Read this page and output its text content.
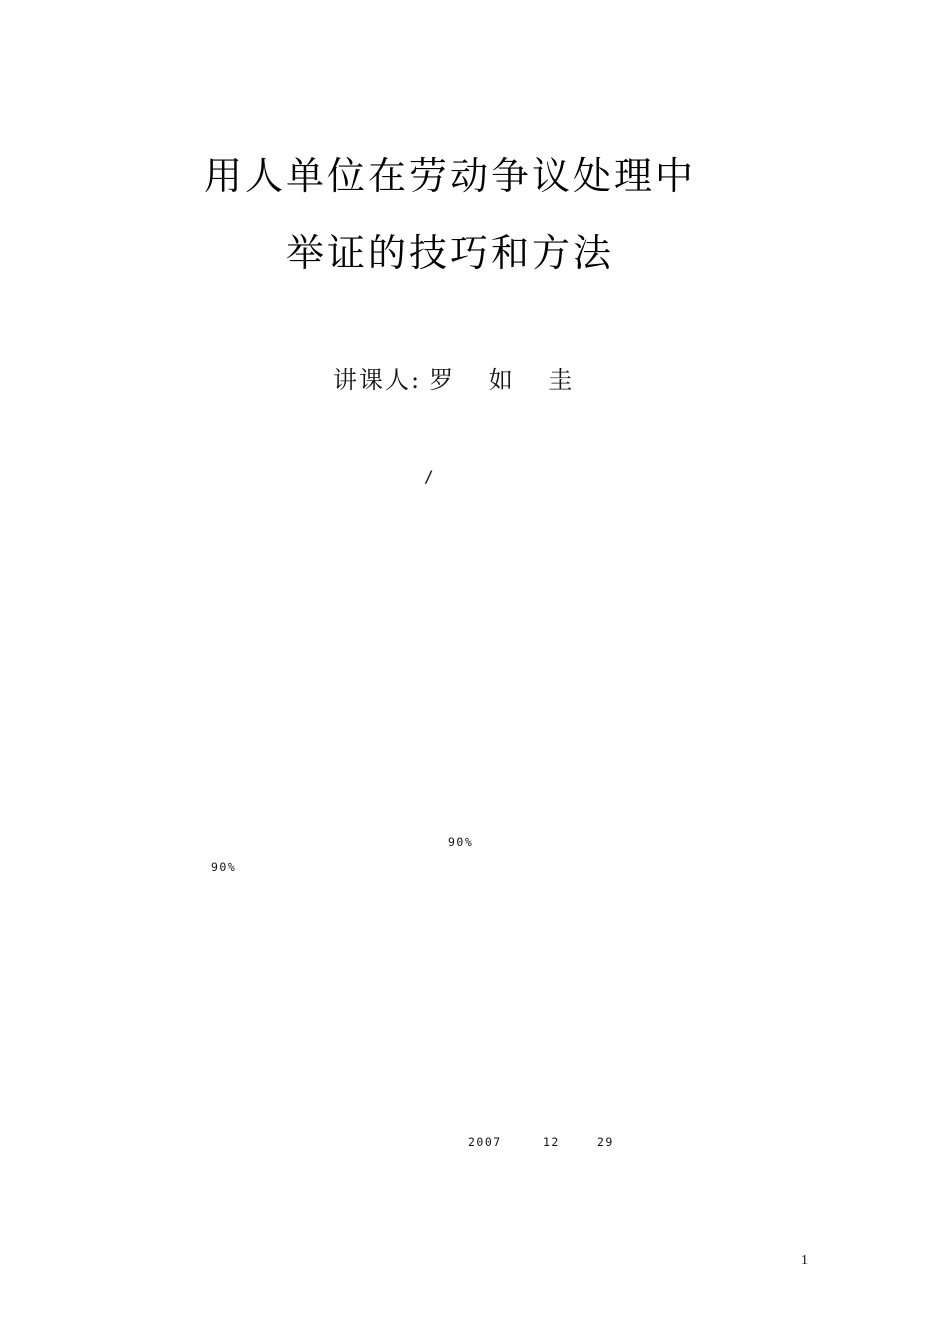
用人单位在劳动争议处理中
举证的技巧和方法
讲课人: 罗 如 圭
/

90%

90%

2007

	12

	29

1
